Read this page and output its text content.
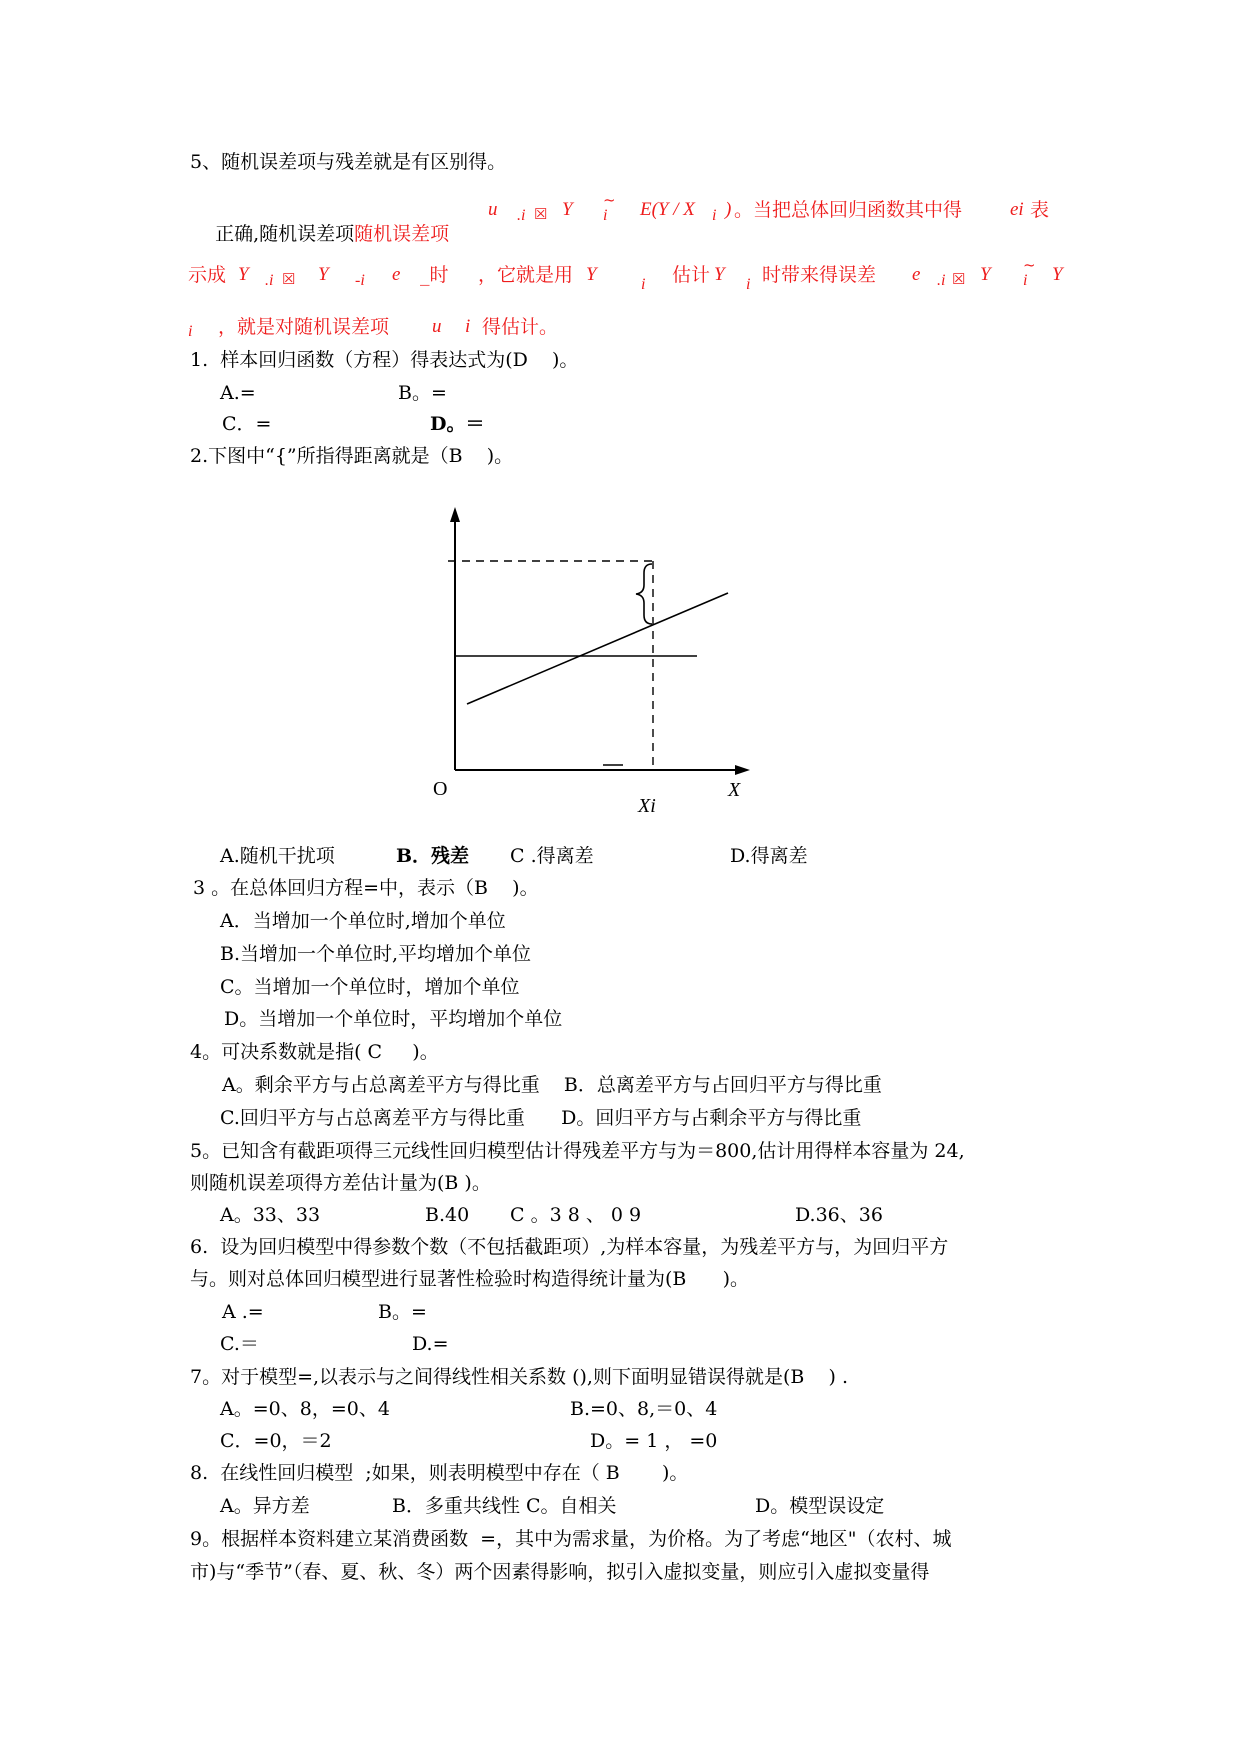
5、随机误差项与残差就是有区别得。

正确,随机误差项随机误差项

u .i ☒ Y ~
i E(Y / X i ) 。当把总体回归函数其中得	ei 表
示成 Y .i ☒ Y -i e _时 ，它就是用 Y	i 估计 Y i 时带来得误差 e .i ☒ Y ~
i Y
i ，就是对随机误差项 u i 得估计。
1.  样本回归函数（方程）得表达式为(D    )。
A.=	B。=
C．=	D。＝
2.下图中“{”所指得距离就是（B    )。
O	X
Xi
A.随机干扰项	B．残差 C .得离差	D.得离差
3 。在总体回归方程=中，表示（B    )。
A．当增加一个单位时,增加个单位
B.当增加一个单位时,平均增加个单位
C。当增加一个单位时，增加个单位
D。当增加一个单位时，平均增加个单位
4。可决系数就是指( C     )。
A。剩余平方与占总离差平方与得比重    B．总离差平方与占回归平方与得比重
C.回归平方与占总离差平方与得比重      D。回归平方与占剩余平方与得比重
5。已知含有截距项得三元线性回归模型估计得残差平方与为＝800,估计用得样本容量为 24,
则随机误差项得方差估计量为(B )。
A。33、33	B.40 C 。3 8 、 0 9	D.36、36
6.  设为回归模型中得参数个数（不包括截距项）,为样本容量，为残差平方与，为回归平方
与。则对总体回归模型进行显著性检验时构造得统计量为(B      )。
A .=	B。=
C.＝	D.=
7。对于模型=,以表示与之间得线性相关系数 (),则下面明显错误得就是(B    ) .
A。=0、8，=0、4	B.=0、8,＝0、4
C．=0，＝2	D。= 1 ， =0
8.  在线性回归模型  ;如果，则表明模型中存在（ B       )。
A。异方差	B．多重共线性 C。自相关	D。模型误设定
9。根据样本资料建立某消费函数  =，其中为需求量，为价格。为了考虑“地区"（农村、城
市)与“季节”（春、夏、秋、冬）两个因素得影响，拟引入虚拟变量，则应引入虚拟变量得
